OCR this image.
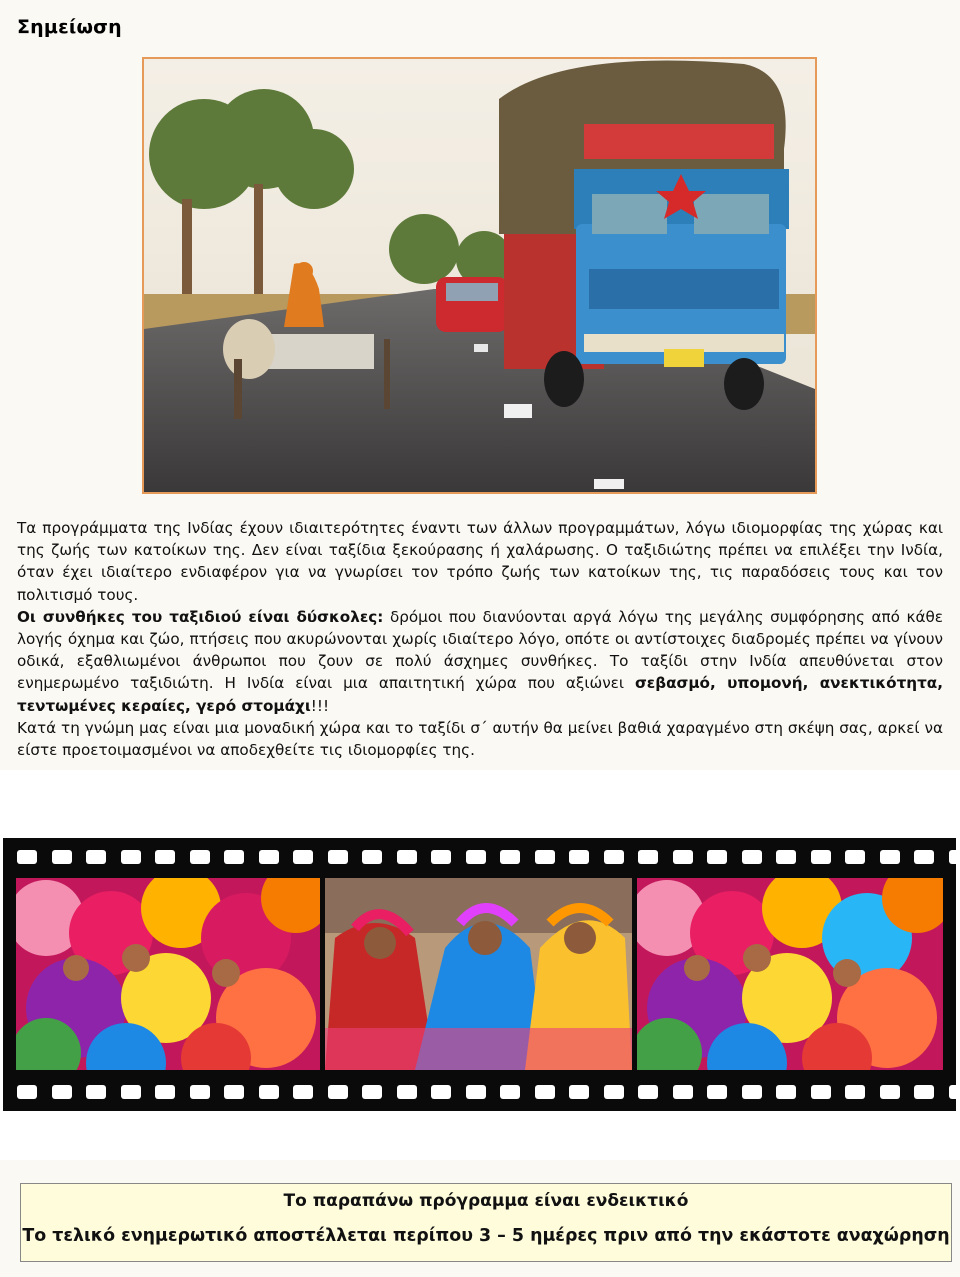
Σημείωση

Τα προγράμματα της Ινδίας έχουν ιδιαιτερότητες έναντι των άλλων προγραμμάτων, λόγω ιδιομορφίας της χώρας και της ζωής των κατοίκων της. Δεν είναι ταξίδια ξεκούρασης ή χαλάρωσης. Ο ταξιδιώτης πρέπει να επιλέξει την Ινδία, όταν έχει ιδιαίτερο ενδιαφέρον για να γνωρίσει τον τρόπο ζωής των κατοίκων της, τις παραδόσεις τους και τον πολιτισμό τους.

Οι συνθήκες του ταξιδιού είναι δύσκολες: δρόμοι που διανύονται αργά λόγω της μεγάλης συμφόρησης από κάθε λογής όχημα και ζώο, πτήσεις που ακυρώνονται χωρίς ιδιαίτερο λόγο, οπότε οι αντίστοιχες διαδρομές πρέπει να γίνουν οδικά, εξαθλιωμένοι άνθρωποι που ζουν σε πολύ άσχημες συνθήκες. Το ταξίδι στην Ινδία απευθύνεται στον ενημερωμένο ταξιδιώτη. Η Ινδία είναι μια απαιτητική χώρα που αξιώνει σεβασμό, υπομονή, ανεκτικότητα, τεντωμένες κεραίες, γερό στομάχι!!!

Κατά τη γνώμη μας είναι μια μοναδική χώρα και το ταξίδι σ΄ αυτήν θα μείνει βαθιά χαραγμένο στη σκέψη σας, αρκεί να είστε προετοιμασμένοι να αποδεχθείτε τις ιδιομορφίες της.

Το παραπάνω πρόγραμμα είναι ενδεικτικό
Το τελικό ενημερωτικό αποστέλλεται περίπου 3 – 5 ημέρες πριν από την εκάστοτε αναχώρηση
